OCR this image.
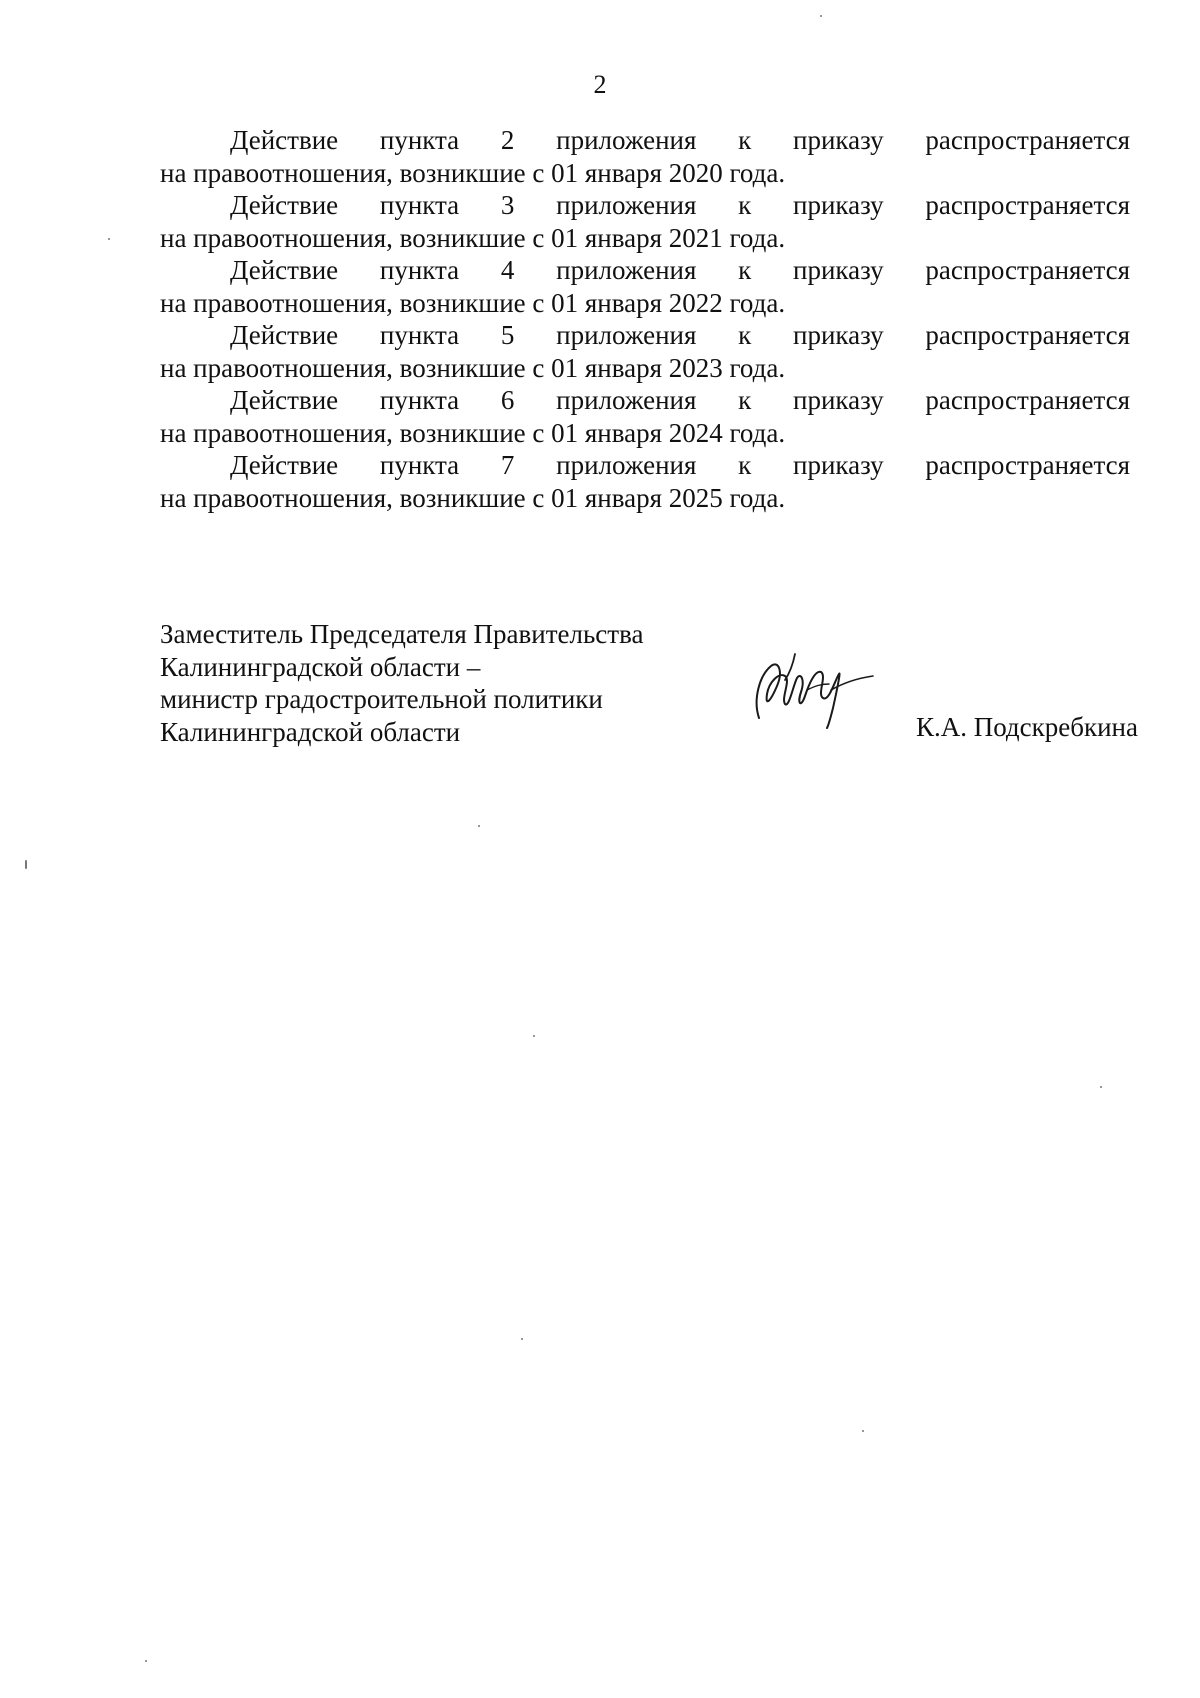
2

Действие пункта 2 приложения к приказу распространяется
на правоотношения, возникшие с 01 января 2020 года.

Действие пункта 3 приложения к приказу распространяется
на правоотношения, возникшие с 01 января 2021 года.

Действие пункта 4 приложения к приказу распространяется
на правоотношения, возникшие с 01 января 2022 года.

Действие пункта 5 приложения к приказу распространяется
на правоотношения, возникшие с 01 января 2023 года.

Действие пункта 6 приложения к приказу распространяется
на правоотношения, возникшие с 01 января 2024 года.

Действие пункта 7 приложения к приказу распространяется
на правоотношения, возникшие с 01 января 2025 года.

Заместитель Председателя Правительства
Калининградской области –
министр градостроительной политики
Калининградской области	К.А. Подскребкина
